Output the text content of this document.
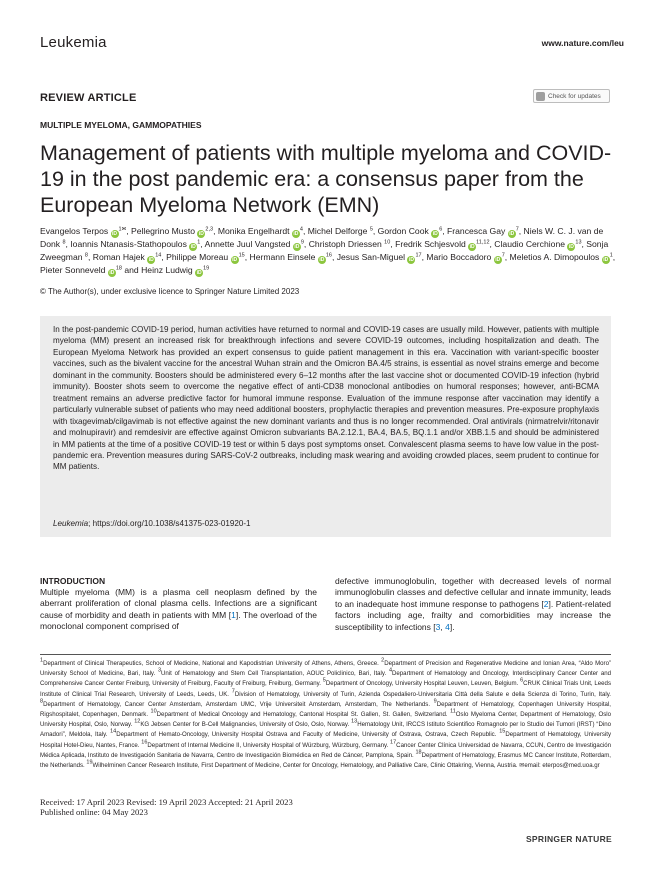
Leukemia	www.nature.com/leu
REVIEW ARTICLE	Check for updates
MULTIPLE MYELOMA, GAMMOPATHIES
Management of patients with multiple myeloma and COVID-19 in the post pandemic era: a consensus paper from the European Myeloma Network (EMN)
Evangelos Terpos $iD^{1✉}$, Pellegrino Musto iD$^{2,3}$, Monika Engelhardt $iD^4$, Michel Delforge $^5$, Gordon Cook $iD^6$, Francesca Gay $iD^7$, Niels W. C. J. van de Donk $^8$, Ioannis Ntanasis-Stathopoulos $iD^1$, Annette Juul Vangsted $iD^9$, Christoph Driessen $^{10}$, Fredrik Schjesvold iD$^{11,12}$, Claudio Cerchione $iD^{13}$, Sonja Zweegman $^8$, Roman Hajek $iD^{14}$, Philippe Moreau $iD^{15}$, Hermann Einsele $iD^{16}$, Jesus San-Miguel $iD^{17}$, Mario Boccadoro $iD^7$, Meletios A. Dimopoulos $iD^1$, Pieter Sonneveld $iD^{18}$ and Heinz Ludwig $iD^{19}$
© The Author(s), under exclusive licence to Springer Nature Limited 2023
In the post-pandemic COVID-19 period, human activities have returned to normal and COVID-19 cases are usually mild. However, patients with multiple myeloma (MM) present an increased risk for breakthrough infections and severe COVID-19 outcomes, including hospitalization and death. The European Myeloma Network has provided an expert consensus to guide patient management in this era. Vaccination with variant-specific booster vaccines, such as the bivalent vaccine for the ancestral Wuhan strain and the Omicron BA.4/5 strains, is essential as novel strains emerge and become dominant in the community. Boosters should be administered every 6–12 months after the last vaccine shot or documented COVID-19 infection (hybrid immunity). Booster shots seem to overcome the negative effect of anti-CD38 monoclonal antibodies on humoral responses; however, anti-BCMA treatment remains an adverse predictive factor for humoral immune response. Evaluation of the immune response after vaccination may identify a particularly vulnerable subset of patients who may need additional boosters, prophylactic therapies and prevention measures. Pre-exposure prophylaxis with tixagevimab/cilgavimab is not effective against the new dominant variants and thus is no longer recommended. Oral antivirals (nirmatrelvir/ritonavir and molnupiravir) and remdesivir are effective against Omicron subvariants BA.2.12.1, BA.4, BA.5, BQ.1.1 and/or XBB.1.5 and should be administered in MM patients at the time of a positive COVID-19 test or within 5 days post symptoms onset. Convalescent plasma seems to have low value in the post-pandemic era. Prevention measures during SARS-CoV-2 outbreaks, including mask wearing and avoiding crowded places, seem prudent to continue for MM patients.
Leukemia; https://doi.org/10.1038/s41375-023-01920-1
INTRODUCTION
Multiple myeloma (MM) is a plasma cell neoplasm defined by the aberrant proliferation of clonal plasma cells. Infections are a significant cause of morbidity and death in patients with MM [1]. The overload of the monoclonal component comprised of
defective immunoglobulin, together with decreased levels of normal immunoglobulin classes and defective cellular and innate immunity, leads to an inadequate host immune response to pathogens [2]. Patient-related factors including age, frailty and comorbidities may increase the susceptibility to infections [3, 4].
$^1$Department of Clinical Therapeutics, School of Medicine, National and Kapodistrian University of Athens, Athens, Greece. $^2$Department of Precision and Regenerative Medicine and Ionian Area, “Aldo Moro” University School of Medicine, Bari, Italy. $^3$Unit of Hematology and Stem Cell Transplantation, AOUC Policlinico, Bari, Italy. $^4$Department of Hematology and Oncology, Interdisciplinary Cancer Center and Comprehensive Cancer Center Freiburg, University of Freiburg, Faculty of Freiburg, Freiburg, Germany. $^5$Department of Oncology, University Hospital Leuven, Leuven, Belgium. $^6$CRUK Clinical Trials Unit, Leeds Institute of Clinical Trial Research, University of Leeds, Leeds, UK. $^7$Division of Hematology, University of Turin, Azienda Ospedaliero-Universitaria Città della Salute e della Scienza di Torino, Turin, Italy. $^8$Department of Hematology, Cancer Center Amsterdam, Amsterdam UMC, Vrije Universiteit Amsterdam, Amsterdam, The Netherlands. $^9$Department of Hematology, Copenhagen University Hospital, Rigshospitalet, Copenhagen, Denmark. $^{10}$Department of Medical Oncology and Hematology, Cantonal Hospital St. Gallen, St. Gallen, Switzerland. $^{11}$Oslo Myeloma Center, Department of Hematology, Oslo University Hospital, Oslo, Norway. $^{12}$KG Jebsen Center for B-Cell Malignancies, University of Oslo, Oslo, Norway. $^{13}$Hematology Unit, IRCCS Istituto Scientifico Romagnolo per lo Studio dei Tumori (IRST) “Dino Amadori”, Meldola, Italy. $^{14}$Department of Hemato-Oncology, University Hospital Ostrava and Faculty of Medicine, University of Ostrava, Ostrava, Czech Republic. $^{15}$Department of Hematology, University Hospital Hotel-Dieu, Nantes, France. $^{16}$Department of Internal Medicine II, University Hospital of Würzburg, Würzburg, Germany. $^{17}$Cancer Center Clínica Universidad de Navarra, CCUN, Centro de Investigación Médica Aplicada, Instituto de Investigación Sanitaria de Navarra, Centro de Investigación Biomédica en Red de Cáncer, Pamplona, Spain. $^{18}$Department of Hematology, Erasmus MC Cancer Institute, Rotterdam, the Netherlands. $^{19}$Wilhelminen Cancer Research Institute, First Department of Medicine, Center for Oncology, Hematology, and Palliative Care, Clinic Ottakring, Vienna, Austria. ✉email: eterpos@med.uoa.gr
Received: 17 April 2023 Revised: 19 April 2023 Accepted: 21 April 2023
Published online: 04 May 2023
SPRINGER NATURE
